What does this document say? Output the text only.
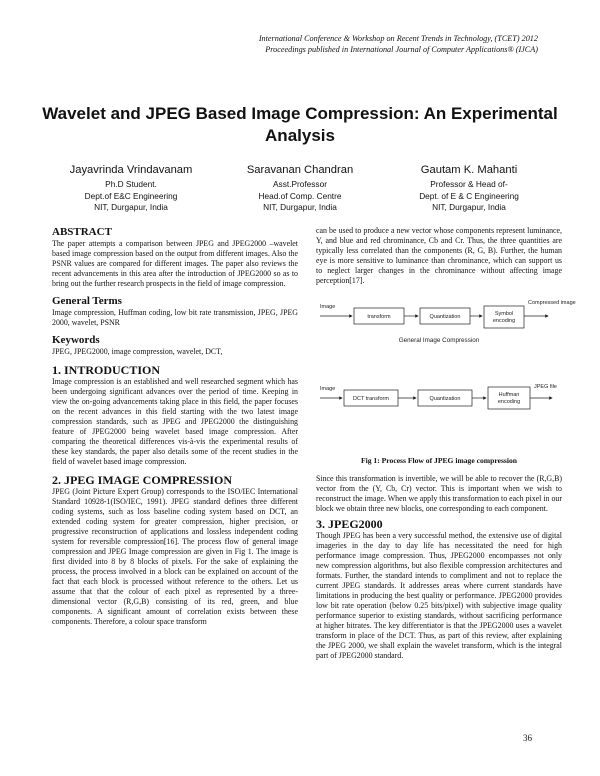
International Conference & Workshop on Recent Trends in Technology, (TCET) 2012
Proceedings published in International Journal of Computer Applications® (IJCA)
Wavelet and JPEG Based Image Compression: An Experimental Analysis
Jayavrinda Vrindavanam
Ph.D Student.
Dept.of E&C Engineering
NIT, Durgapur, India
Saravanan Chandran
Asst.Professor
Head.of Comp. Centre
NIT, Durgapur, India
Gautam K. Mahanti
Professor & Head of-
Dept. of E & C Engineering
NIT, Durgapur, India
ABSTRACT

The paper attempts a comparison between JPEG and JPEG2000 –wavelet based image compression based on the output from different images. Also the PSNR values are compared for different images. The paper also reviews the recent advancements in this area after the introduction of JPEG2000 so as to bring out the further research prospects in the field of image compression.

General Terms

Image compression, Huffman coding, low bit rate transmission, JPEG, JPEG 2000, wavelet, PSNR

Keywords

JPEG, JPEG2000, image compression, wavelet, DCT,

1. INTRODUCTION

Image compression is an established and well researched segment which has been undergoing significant advances over the period of time. Keeping in view the on-going advancements taking place in this field, the paper focuses on the recent advances in this field starting with the two latest image compression standards, such as JPEG and JPEG2000 the distinguishing feature of JPEG2000 being wavelet based image compression. After comparing the theoretical differences vis-à-vis the experimental results of these key standards, the paper also details some of the recent studies in the field of wavelet based image compression.

2. JPEG IMAGE COMPRESSION

JPEG (Joint Picture Expert Group) corresponds to the ISO/IEC International Standard 10928-1(ISO/IEC, 1991). JPEG standard defines three different coding systems, such as loss baseline coding system based on DCT, an extended coding system for greater compression, higher precision, or progressive reconstruction of applications and lossless independent coding system for reversible compression[16]. The process flow of general image compression and JPEG Image compression are given in Fig 1. The image is first divided into 8 by 8 blocks of pixels. For the sake of explaining the process, the process involved in a block can be explained on account of the fact that each block is processed without reference to the others. Let us assume that that the colour of each pixel as represented by a three-dimensional vector (R,G,B) consisting of its red, green, and blue components. A significant amount of correlation exists between these components. Therefore, a colour space transform

can be used to produce a new vector whose components represent luminance, Y, and blue and red chrominance, Cb and Cr. Thus, the three quantities are typically less correlated than the components (R, G, B). Further, the human eye is more sensitive to luminance than chrominance, which can support us to neglect larger changes in the chrominance without affecting image perception[17].

Image
transform	Quantization	Symbol encoding
Compressed image
General Image Compression
Image
DCT transform	Quantization
Huffman encoding
JPEG file
Fig 1: Process Flow of JPEG image compression

Since this transformation is invertible, we will be able to recover the (R,G,B) vector from the (Y, Cb, Cr) vector. This is important when we wish to reconstruct the image. When we apply this transformation to each pixel in our block we obtain three new blocks, one corresponding to each component.

3. JPEG2000

Though JPEG has been a very successful method, the extensive use of digital imageries in the day to day life has necessitated the need for high performance image compression. Thus, JPEG2000 encompasses not only new compression algorithms, but also flexible compression architectures and formats. Further, the standard intends to compliment and not to replace the current JPEG standards. It addresses areas where current standards have limitations in producing the best quality or performance. JPEG2000 provides low bit rate operation (below 0.25 bits/pixel) with subjective image quality performance superior to existing standards, without sacrificing performance at higher bitrates. The key differentiator is that the JPEG2000 uses a wavelet transform in place of the DCT. Thus, as part of this review, after explaining the JPEG 2000, we shall explain the wavelet transform, which is the integral part of JPEG2000 standard.

36
